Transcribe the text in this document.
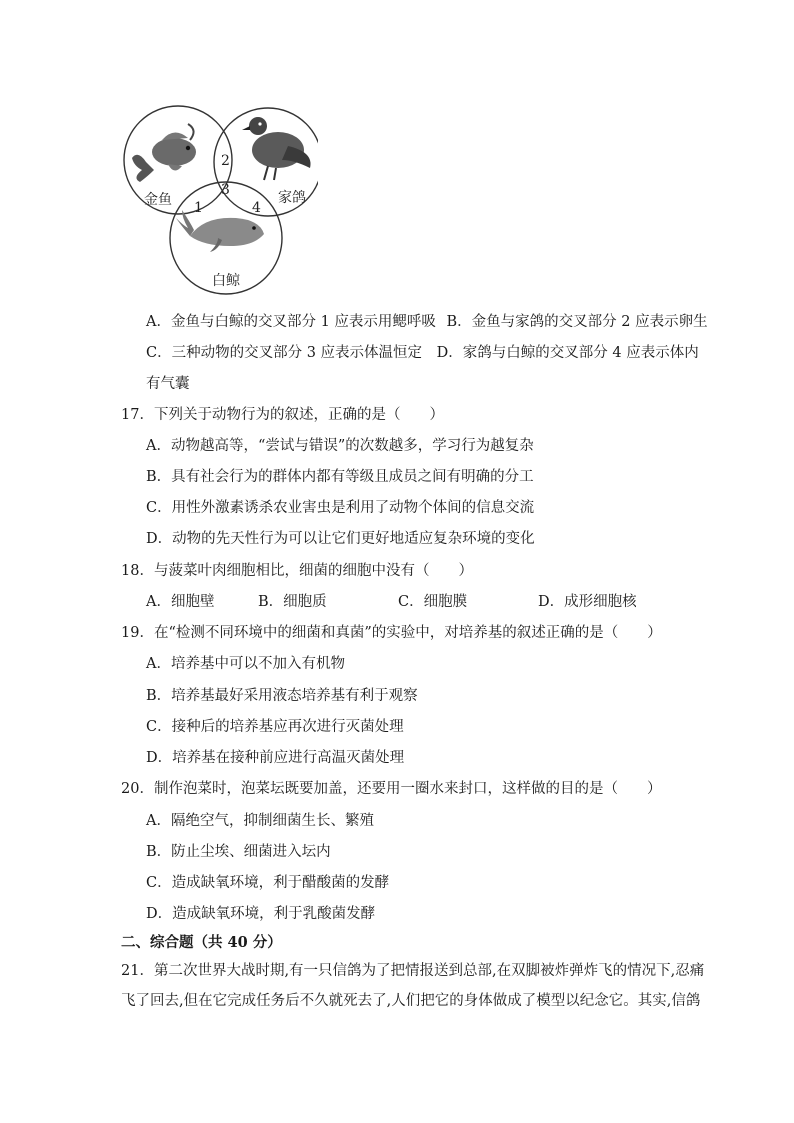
金鱼	家鸽
白鲸
1
2
3
4
A．金鱼与白鲸的交叉部分 1 应表示用鳃呼吸 B．金鱼与家鸽的交叉部分 2 应表示卵生
C．三种动物的交叉部分 3 应表示体温恒定 D．家鸽与白鲸的交叉部分 4 应表示体内
有气囊
17．下列关于动物行为的叙述，正确的是（　　）
A．动物越高等，“尝试与错误”的次数越多，学习行为越复杂
B．具有社会行为的群体内都有等级且成员之间有明确的分工
C．用性外激素诱杀农业害虫是利用了动物个体间的信息交流
D．动物的先天性行为可以让它们更好地适应复杂环境的变化
18．与菠菜叶肉细胞相比，细菌的细胞中没有（　　）
A．细胞壁	B．细胞质	C．细胞膜	D．成形细胞核
19．在“检测不同环境中的细菌和真菌”的实验中，对培养基的叙述正确的是（　　）
A．培养基中可以不加入有机物
B．培养基最好采用液态培养基有利于观察
C．接种后的培养基应再次进行灭菌处理
D．培养基在接种前应进行高温灭菌处理
20．制作泡菜时，泡菜坛既要加盖，还要用一圈水来封口，这样做的目的是（　　）
A．隔绝空气，抑制细菌生长、繁殖
B．防止尘埃、细菌进入坛内
C．造成缺氧环境，利于醋酸菌的发酵
D．造成缺氧环境，利于乳酸菌发酵
二、综合题（共 40 分）
21．第二次世界大战时期,有一只信鸽为了把情报送到总部,在双脚被炸弹炸飞的情况下,忍痛
飞了回去,但在它完成任务后不久就死去了,人们把它的身体做成了模型以纪念它。其实,信鸽
